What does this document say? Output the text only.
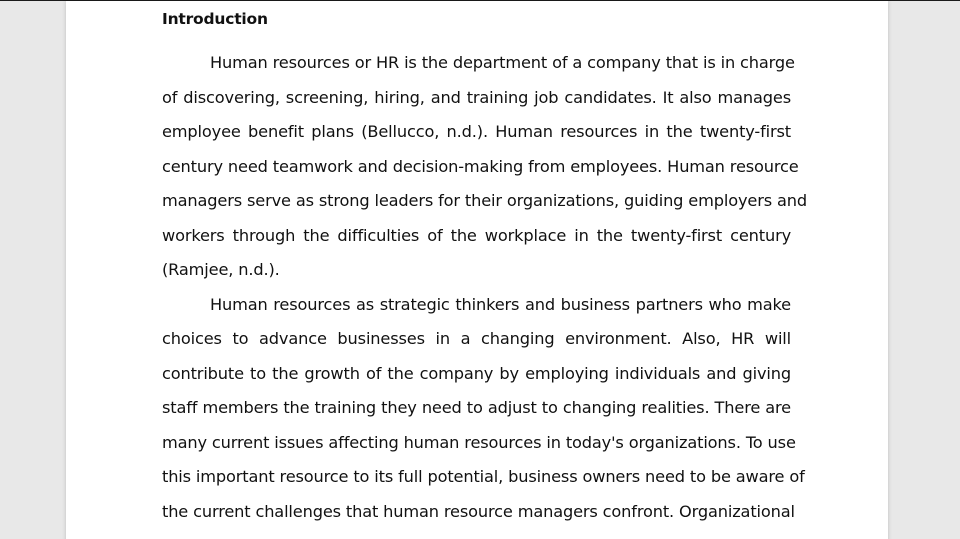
Introduction
Human resources or HR is the department of a company that is in charge
of discovering, screening, hiring, and training job candidates. It also manages
employee benefit plans (Bellucco, n.d.). Human resources in the twenty-first
century need teamwork and decision-making from employees. Human resource
managers serve as strong leaders for their organizations, guiding employers and
workers through the difficulties of the workplace in the twenty-first century
(Ramjee, n.d.).
Human resources as strategic thinkers and business partners who make
choices to advance businesses in a changing environment. Also, HR will
contribute to the growth of the company by employing individuals and giving
staff members the training they need to adjust to changing realities. There are
many current issues affecting human resources in today's organizations. To use
this important resource to its full potential, business owners need to be aware of
the current challenges that human resource managers confront. Organizational
